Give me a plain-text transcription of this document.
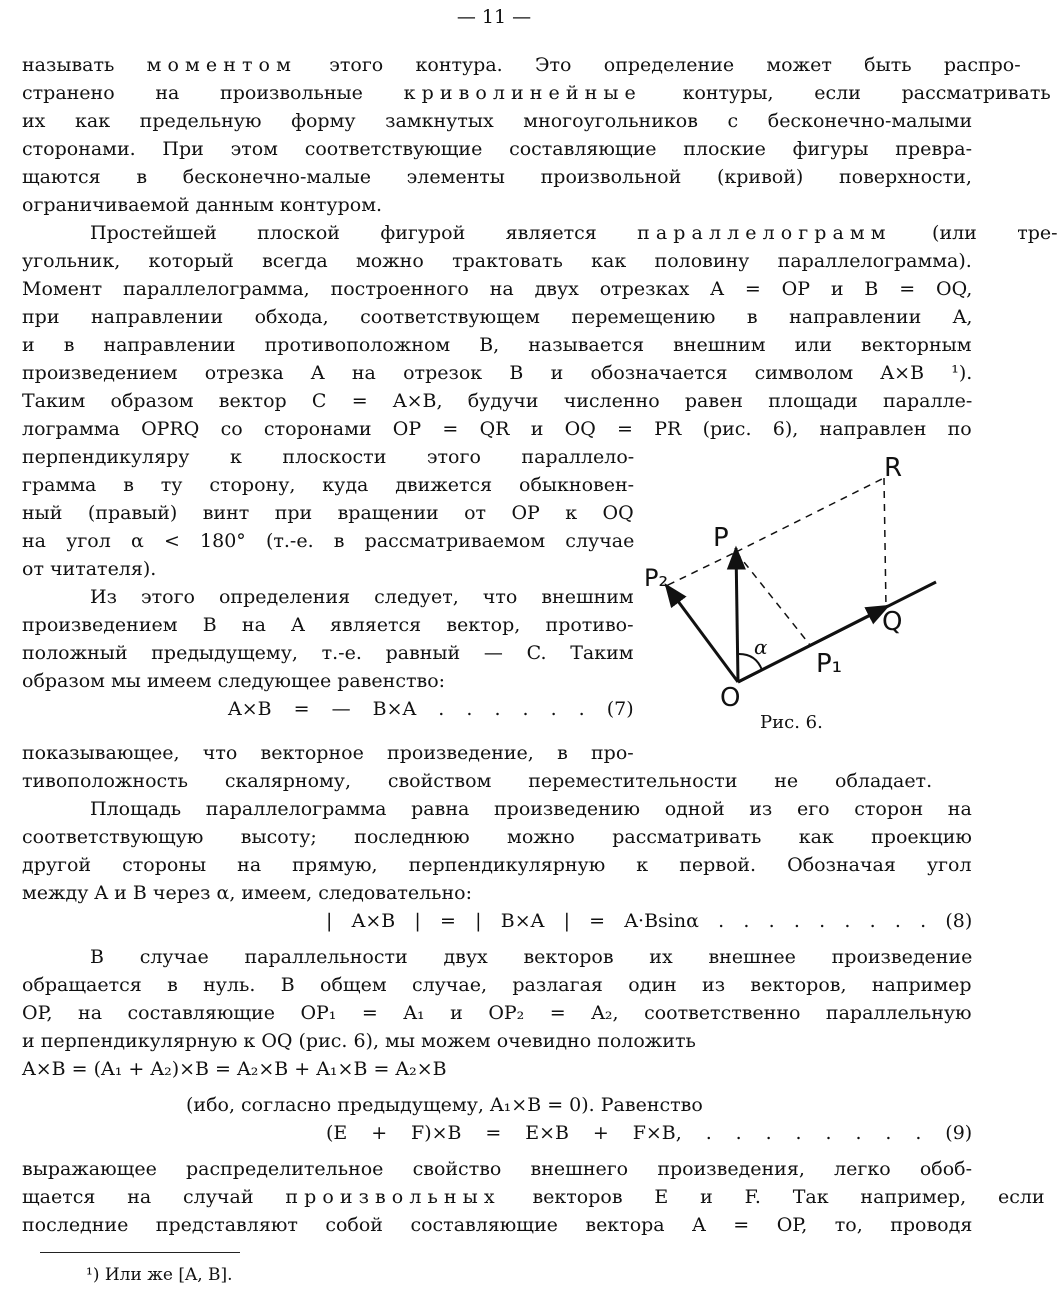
— 11 —
называть моментом этого контура. Это определение может быть распро-
странено на произвольные криволинейные контуры, если рассматривать
их как предельную форму замкнутых многоугольников с бесконечно-малыми
сторонами. При этом соответствующие составляющие плоские фигуры превра-
щаются в бесконечно-малые элементы произвольной (кривой) поверхности,
ограничиваемой данным контуром.
Простейшей плоской фигурой является параллелограмм (или тре-
угольник, который всегда можно трактовать как половину параллелограмма).
Момент параллелограмма, построенного на двух отрезках A = OP и B = OQ,
при направлении обхода, соответствующем перемещению в направлении A,
и в направлении противоположном B, называется внешним или векторным
произведением отрезка A на отрезок B и обозначается символом A×B ¹).
Таким образом вектор C = A×B, будучи численно равен площади паралле-
лограмма OPRQ со сторонами OP = QR и OQ = PR (рис. 6), направлен по
перпендикуляру к плоскости этого параллело-
грамма в ту сторону, куда движется обыкновен-
ный (правый) винт при вращении от OP к OQ
на угол α < 180° (т.-е. в рассматриваемом случае
от читателя).
Из этого определения следует, что внешним
произведением B на A является вектор, противо-
положный предыдущему, т.-е. равный — C. Таким
образом мы имеем следующее равенство:
A×B = — B×A . . . . . . (7)
показывающее, что векторное произведение, в про-
тивоположность скалярному, свойством переместительности не обладает.
Площадь параллелограмма равна произведению одной из его сторон на
соответствующую высоту; последнюю можно рассматривать как проекцию
другой стороны на прямую, перпендикулярную к первой. Обозначая угол
между A и B через α, имеем, следовательно:
| A×B | = | B×A | = A·Bsinα . . . . . . . . . (8)
В случае параллельности двух векторов их внешнее произведение
обращается в нуль. В общем случае, разлагая один из векторов, например
OP, на составляющие OP₁ = A₁ и OP₂ = A₂, соответственно параллельную
и перпендикулярную к OQ (рис. 6), мы можем очевидно положить
A×B = (A₁ + A₂)×B = A₂×B + A₁×B = A₂×B
(ибо, согласно предыдущему, A₁×B = 0). Равенство
(E + F)×B = E×B + F×B, . . . . . . . . (9)
выражающее распределительное свойство внешнего произведения, легко обоб-
щается на случай произвольных векторов E и F. Так например, если
последние представляют собой составляющие вектора A = OP, то, проводя
R
P
P₂
Q
P₁
O
α
Рис. 6.
¹) Или же [A, B].
